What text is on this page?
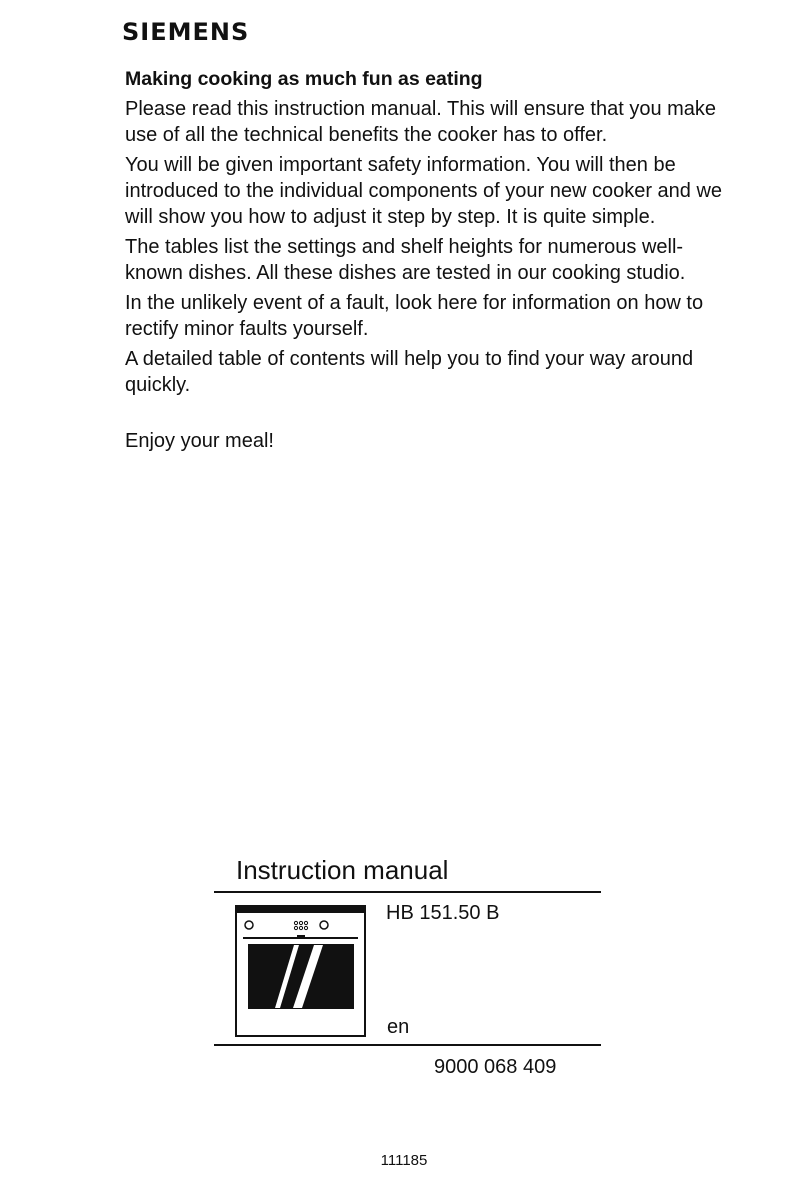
SIEMENS
Making cooking as much fun as eating

Please read this instruction manual. This will ensure that you make use of all the technical benefits the cooker has to offer.

You will be given important safety information. You will then be introduced to the individual components of your new cooker and we will show you how to adjust it step by step. It is quite simple.

The tables list the settings and shelf heights for numerous well-known dishes. All these dishes are tested in our cooking studio.

In the unlikely event of a fault, look here for information on how to rectify minor faults yourself.

A detailed table of contents will help you to find your way around quickly.

Enjoy your meal!

Instruction manual
HB 151.50 B
en
9000 068 409
111185
